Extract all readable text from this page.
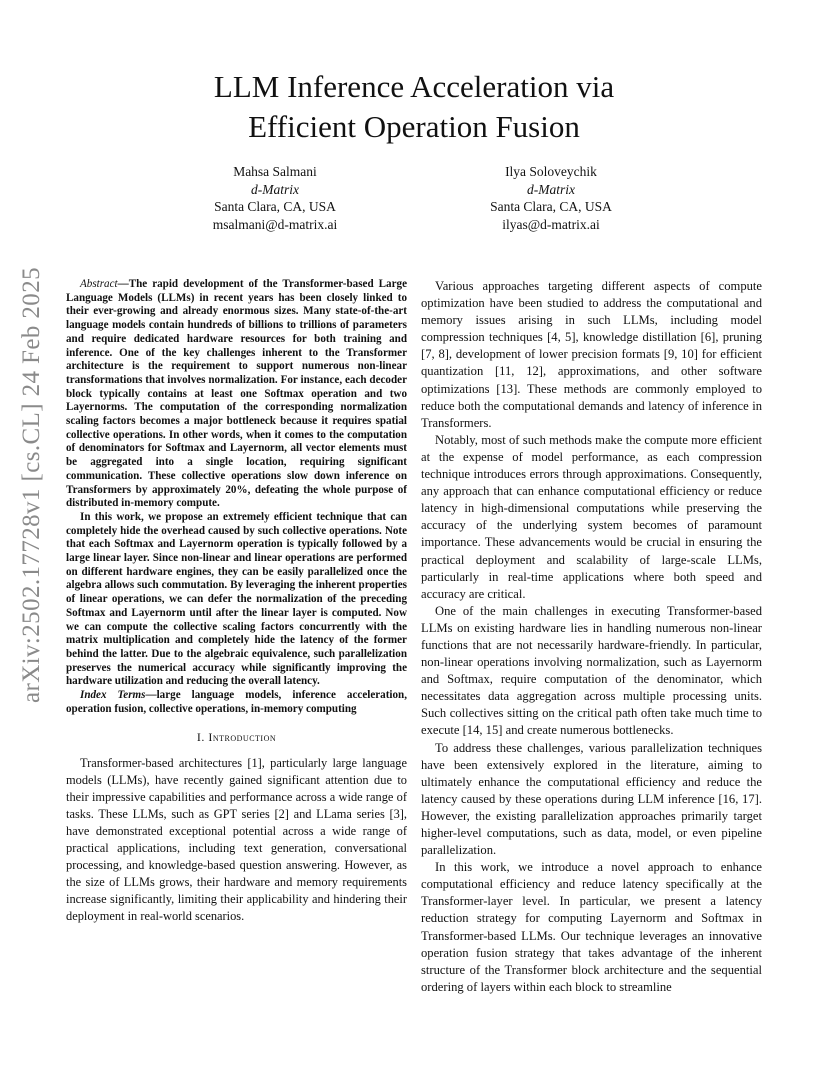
arXiv:2502.17728v1 [cs.CL] 24 Feb 2025
LLM Inference Acceleration via
Efficient Operation Fusion
Mahsa Salmani
d-Matrix
Santa Clara, CA, USA
msalmani@d-matrix.ai
Ilya Soloveychik
d-Matrix
Santa Clara, CA, USA
ilyas@d-matrix.ai

Abstract—The rapid development of the Transformer-based Large Language Models (LLMs) in recent years has been closely linked to their ever-growing and already enormous sizes. Many state-of-the-art language models contain hundreds of billions to trillions of parameters and require dedicated hardware resources for both training and inference. One of the key challenges inherent to the Transformer architecture is the requirement to support numerous non-linear transformations that involves normalization. For instance, each decoder block typically contains at least one Softmax operation and two Layernorms. The computation of the corresponding normalization scaling factors becomes a major bottleneck because it requires spatial collective operations. In other words, when it comes to the computation of denominators for Softmax and Layernorm, all vector elements must be aggregated into a single location, requiring significant communication. These collective operations slow down inference on Transformers by approximately 20%, defeating the whole purpose of distributed in-memory compute.

In this work, we propose an extremely efficient technique that can completely hide the overhead caused by such collective operations. Note that each Softmax and Layernorm operation is typically followed by a large linear layer. Since non-linear and linear operations are performed on different hardware engines, they can be easily parallelized once the algebra allows such commutation. By leveraging the inherent properties of linear operations, we can defer the normalization of the preceding Softmax and Layernorm until after the linear layer is computed. Now we can compute the collective scaling factors concurrently with the matrix multiplication and completely hide the latency of the former behind the latter. Due to the algebraic equivalence, such parallelization preserves the numerical accuracy while significantly improving the hardware utilization and reducing the overall latency.

Index Terms—large language models, inference acceleration, operation fusion, collective operations, in-memory computing

I. Introduction

Transformer-based architectures [1], particularly large language models (LLMs), have recently gained significant attention due to their impressive capabilities and performance across a wide range of tasks. These LLMs, such as GPT series [2] and LLama series [3], have demonstrated exceptional potential across a wide range of practical applications, including text generation, conversational processing, and knowledge-based question answering. However, as the size of LLMs grows, their hardware and memory requirements increase significantly, limiting their applicability and hindering their deployment in real-world scenarios.

Various approaches targeting different aspects of compute optimization have been studied to address the computational and memory issues arising in such LLMs, including model compression techniques [4, 5], knowledge distillation [6], pruning [7, 8], development of lower precision formats [9, 10] for efficient quantization [11, 12], approximations, and other software optimizations [13]. These methods are commonly employed to reduce both the computational demands and latency of inference in Transformers.

Notably, most of such methods make the compute more efficient at the expense of model performance, as each compression technique introduces errors through approximations. Consequently, any approach that can enhance computational efficiency or reduce latency in high-dimensional computations while preserving the accuracy of the underlying system becomes of paramount importance. These advancements would be crucial in ensuring the practical deployment and scalability of large-scale LLMs, particularly in real-time applications where both speed and accuracy are critical.

One of the main challenges in executing Transformer-based LLMs on existing hardware lies in handling numerous non-linear functions that are not necessarily hardware-friendly. In particular, non-linear operations involving normalization, such as Layernorm and Softmax, require computation of the denominator, which necessitates data aggregation across multiple processing units. Such collectives sitting on the critical path often take much time to execute [14, 15] and create numerous bottlenecks.

To address these challenges, various parallelization techniques have been extensively explored in the literature, aiming to ultimately enhance the computational efficiency and reduce the latency caused by these operations during LLM inference [16, 17]. However, the existing parallelization approaches primarily target higher-level computations, such as data, model, or even pipeline parallelization.

In this work, we introduce a novel approach to enhance computational efficiency and reduce latency specifically at the Transformer-layer level. In particular, we present a latency reduction strategy for computing Layernorm and Softmax in Transformer-based LLMs. Our technique leverages an innovative operation fusion strategy that takes advantage of the inherent structure of the Transformer block architecture and the sequential ordering of layers within each block to streamline
